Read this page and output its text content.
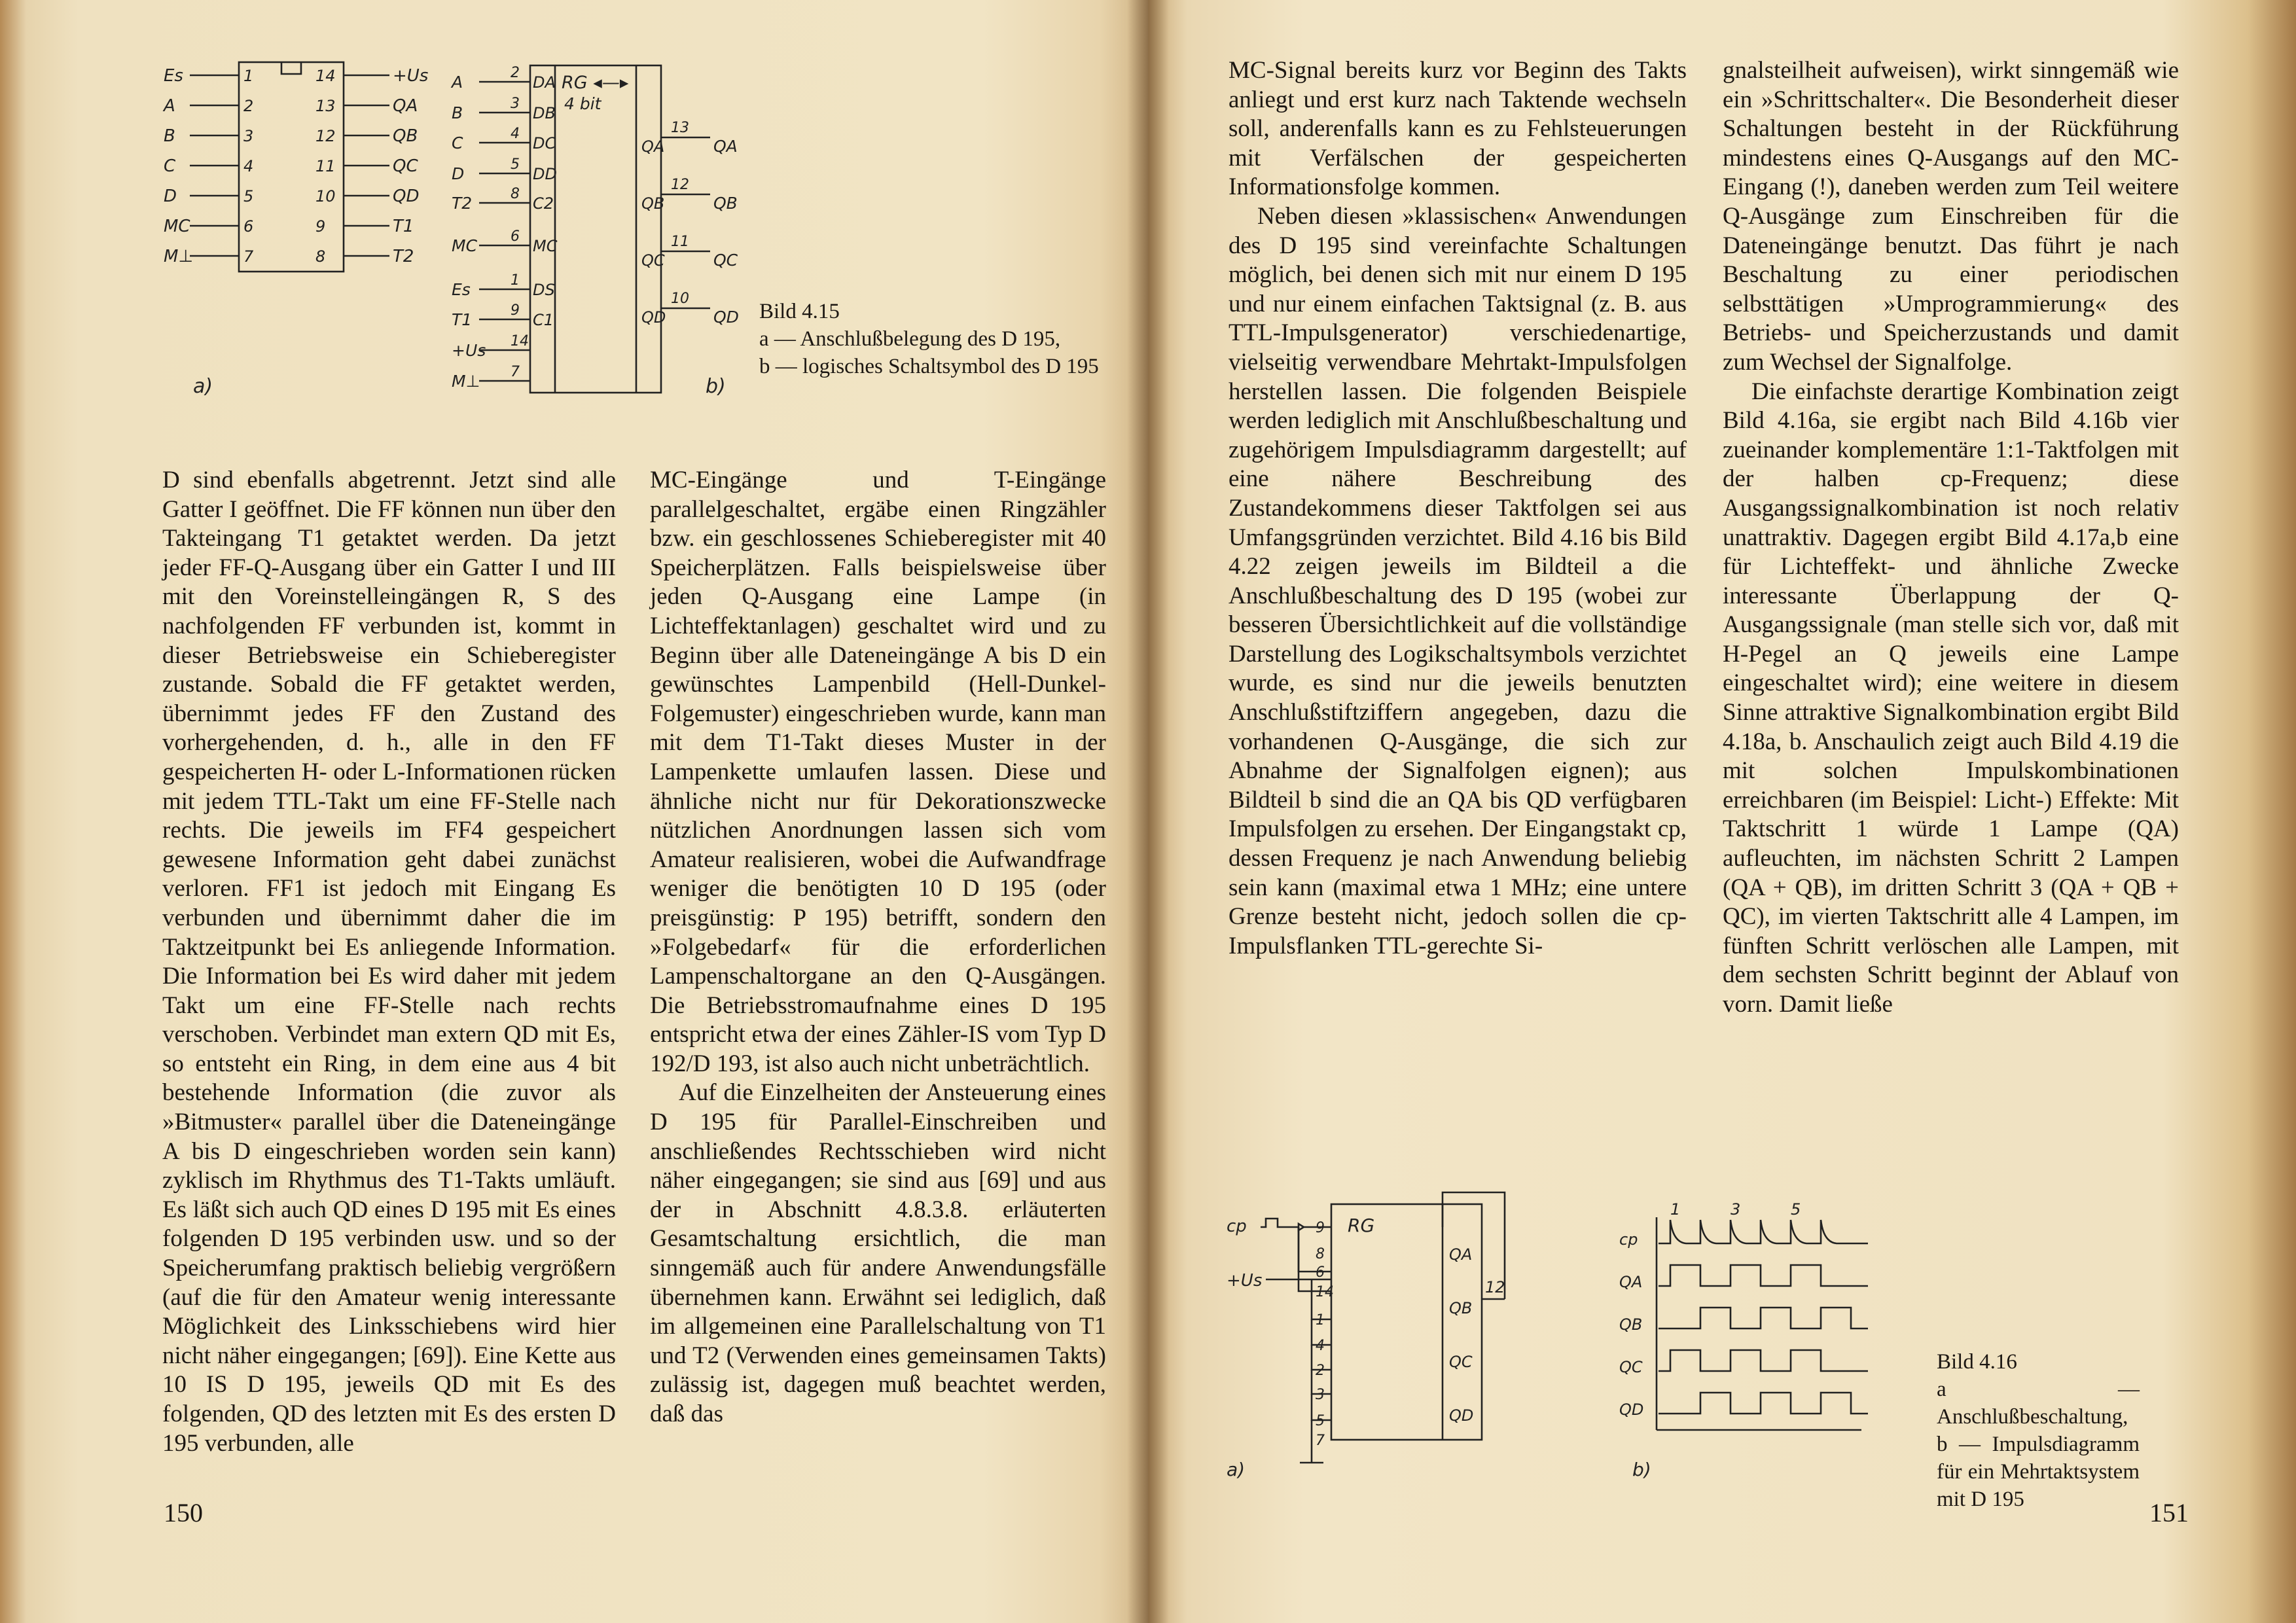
Es	1
A	2
B	3
C	4
D	5
MC	6
M⊥	7
14	+Us
13	QA
12	QB
11	QC
10	QD
9	T1
8	T2
a)
RG ◂—▸
4 bit
A	2
DA
B	3
DB
C	4
DC
D	5
DD
T2	8
C2
MC 6
MC
Es	1
DS
T1	9
C1
+Us 14
M⊥ 7
QA
13
QA
QB
12
QB
QC
11
QC
QD
10
QD
b)
Bild 4.15
a — Anschlußbelegung des D 195,
b — logisches Schaltsymbol des D 195

D sind ebenfalls abgetrennt. Jetzt sind alle Gatter I geöffnet. Die FF können nun über den Takteingang T1 getaktet werden. Da jetzt jeder FF-Q-Ausgang über ein Gatter I und III mit den Voreinstelleingängen R, S des nachfolgenden FF verbunden ist, kommt in dieser Betriebsweise ein Schieberegister zustande. Sobald die FF getaktet werden, übernimmt jedes FF den Zustand des vorhergehenden, d. h., alle in den FF gespeicherten H- oder L-Informationen rücken mit jedem TTL-Takt um eine FF-Stelle nach rechts. Die jeweils im FF4 gespeichert gewesene Information geht dabei zunächst verloren. FF1 ist jedoch mit Eingang Es verbunden und übernimmt daher die im Taktzeitpunkt bei Es anliegende Information. Die Information bei Es wird daher mit jedem Takt um eine FF-Stelle nach rechts verschoben. Verbindet man extern QD mit Es, so entsteht ein Ring, in dem eine aus 4 bit bestehende Information (die zuvor als »Bitmuster« parallel über die Dateneingänge A bis D eingeschrieben worden sein kann) zyklisch im Rhythmus des T1-Takts umläuft. Es läßt sich auch QD eines D 195 mit Es eines folgenden D 195 verbinden usw. und so der Speicherumfang praktisch beliebig vergrößern (auf die für den Amateur wenig interessante Möglichkeit des Linksschiebens wird hier nicht näher eingegangen; [69]). Eine Kette aus 10 IS D 195, jeweils QD mit Es des folgenden, QD des letzten mit Es des ersten D 195 verbunden, alle

MC-Eingänge und T-Eingänge parallelgeschaltet, ergäbe einen Ringzähler bzw. ein geschlossenes Schieberegister mit 40 Speicherplätzen. Falls beispielsweise über jeden Q-Ausgang eine Lampe (in Lichteffektanlagen) geschaltet wird und zu Beginn über alle Dateneingänge A bis D ein gewünschtes Lampenbild (Hell-Dunkel-Folgemuster) eingeschrieben wurde, kann man mit dem T1-Takt dieses Muster in der Lampenkette umlaufen lassen. Diese und ähnliche nicht nur für Dekorationszwecke nützlichen Anordnungen lassen sich vom Amateur realisieren, wobei die Aufwandfrage weniger die benötigten 10 D 195 (oder preisgünstig: P 195) betrifft, sondern den »Folgebedarf« für die erforderlichen Lampenschaltorgane an den Q-Ausgängen. Die Betriebsstromaufnahme eines D 195 entspricht etwa der eines Zähler-IS vom Typ D 192/D 193, ist also auch nicht unbeträchtlich.

Auf die Einzelheiten der Ansteuerung eines D 195 für Parallel-Einschreiben und anschließendes Rechtsschieben wird nicht näher eingegangen; sie sind aus [69] und aus der in Abschnitt 4.8.3.8. erläuterten Gesamtschaltung ersichtlich, die man sinngemäß auch für andere Anwendungsfälle übernehmen kann. Erwähnt sei lediglich, daß im allgemeinen eine Parallelschaltung von T1 und T2 (Verwenden eines gemeinsamen Takts) zulässig ist, dagegen muß beachtet werden, daß das

150

MC-Signal bereits kurz vor Beginn des Takts anliegt und erst kurz nach Taktende wechseln soll, anderenfalls kann es zu Fehlsteuerungen mit Verfälschen der gespeicherten Informationsfolge kommen.

Neben diesen »klassischen« Anwendungen des D 195 sind vereinfachte Schaltungen möglich, bei denen sich mit nur einem D 195 und nur einem einfachen Taktsignal (z. B. aus TTL-Impulsgenerator) verschiedenartige, vielseitig verwendbare Mehrtakt-Impulsfolgen herstellen lassen. Die folgenden Beispiele werden lediglich mit Anschlußbeschaltung und zugehörigem Impulsdiagramm dargestellt; auf eine nähere Beschreibung des Zustandekommens dieser Taktfolgen sei aus Umfangsgründen verzichtet. Bild 4.16 bis Bild 4.22 zeigen jeweils im Bildteil a die Anschlußbeschaltung des D 195 (wobei zur besseren Übersichtlichkeit auf die vollständige Darstellung des Logikschaltsymbols verzichtet wurde, es sind nur die jeweils benutzten Anschlußstiftziffern angegeben, dazu die vorhandenen Q-Ausgänge, die sich zur Abnahme der Signalfolgen eignen); aus Bildteil b sind die an QA bis QD verfügbaren Impulsfolgen zu ersehen. Der Eingangstakt cp, dessen Frequenz je nach Anwendung beliebig sein kann (maximal etwa 1 MHz; eine untere Grenze besteht nicht, jedoch sollen die cp-Impulsflanken TTL-gerechte Si-

gnalsteilheit aufweisen), wirkt sinngemäß wie ein »Schrittschalter«. Die Besonderheit dieser Schaltungen besteht in der Rückführung mindestens eines Q-Ausgangs auf den MC-Eingang (!), daneben werden zum Teil weitere Q-Ausgänge zum Einschreiben für die Dateneingänge benutzt. Das führt je nach Beschaltung zu einer periodischen selbsttätigen »Umprogrammierung« des Betriebs- und Speicherzustands und damit zum Wechsel der Signalfolge.

Die einfachste derartige Kombination zeigt Bild 4.16a, sie ergibt nach Bild 4.16b vier zueinander komplementäre 1:1-Taktfolgen mit der halben cp-Frequenz; diese Ausgangssignalkombination ist noch relativ unattraktiv. Dagegen ergibt Bild 4.17a,b eine für Lichteffekt- und ähnliche Zwecke interessante Überlappung der Q-Ausgangssignale (man stelle sich vor, daß mit H-Pegel an Q jeweils eine Lampe eingeschaltet wird); eine weitere in diesem Sinne attraktive Signalkombination ergibt Bild 4.18a, b. Anschaulich zeigt auch Bild 4.19 die mit solchen Impulskombinationen erreichbaren (im Beispiel: Licht-) Effekte: Mit Taktschritt 1 würde 1 Lampe (QA) aufleuchten, im nächsten Schritt 2 Lampen (QA + QB), im dritten Schritt 3 (QA + QB + QC), im vierten Taktschritt alle 4 Lampen, im fünften Schritt verlöschen alle Lampen, mit dem sechsten Schritt beginnt der Ablauf von vorn. Damit ließe

RG
cp
12
+Us
9
8
6
14
1
4
2
3
5
7
QA
QB
QC
QD
a)
1	3	5
cp
QA
QB
QC
QD
b)
Bild 4.16
a — Anschlußbeschaltung, b — Impulsdiagramm für ein Mehrtaktsystem mit D 195	151
